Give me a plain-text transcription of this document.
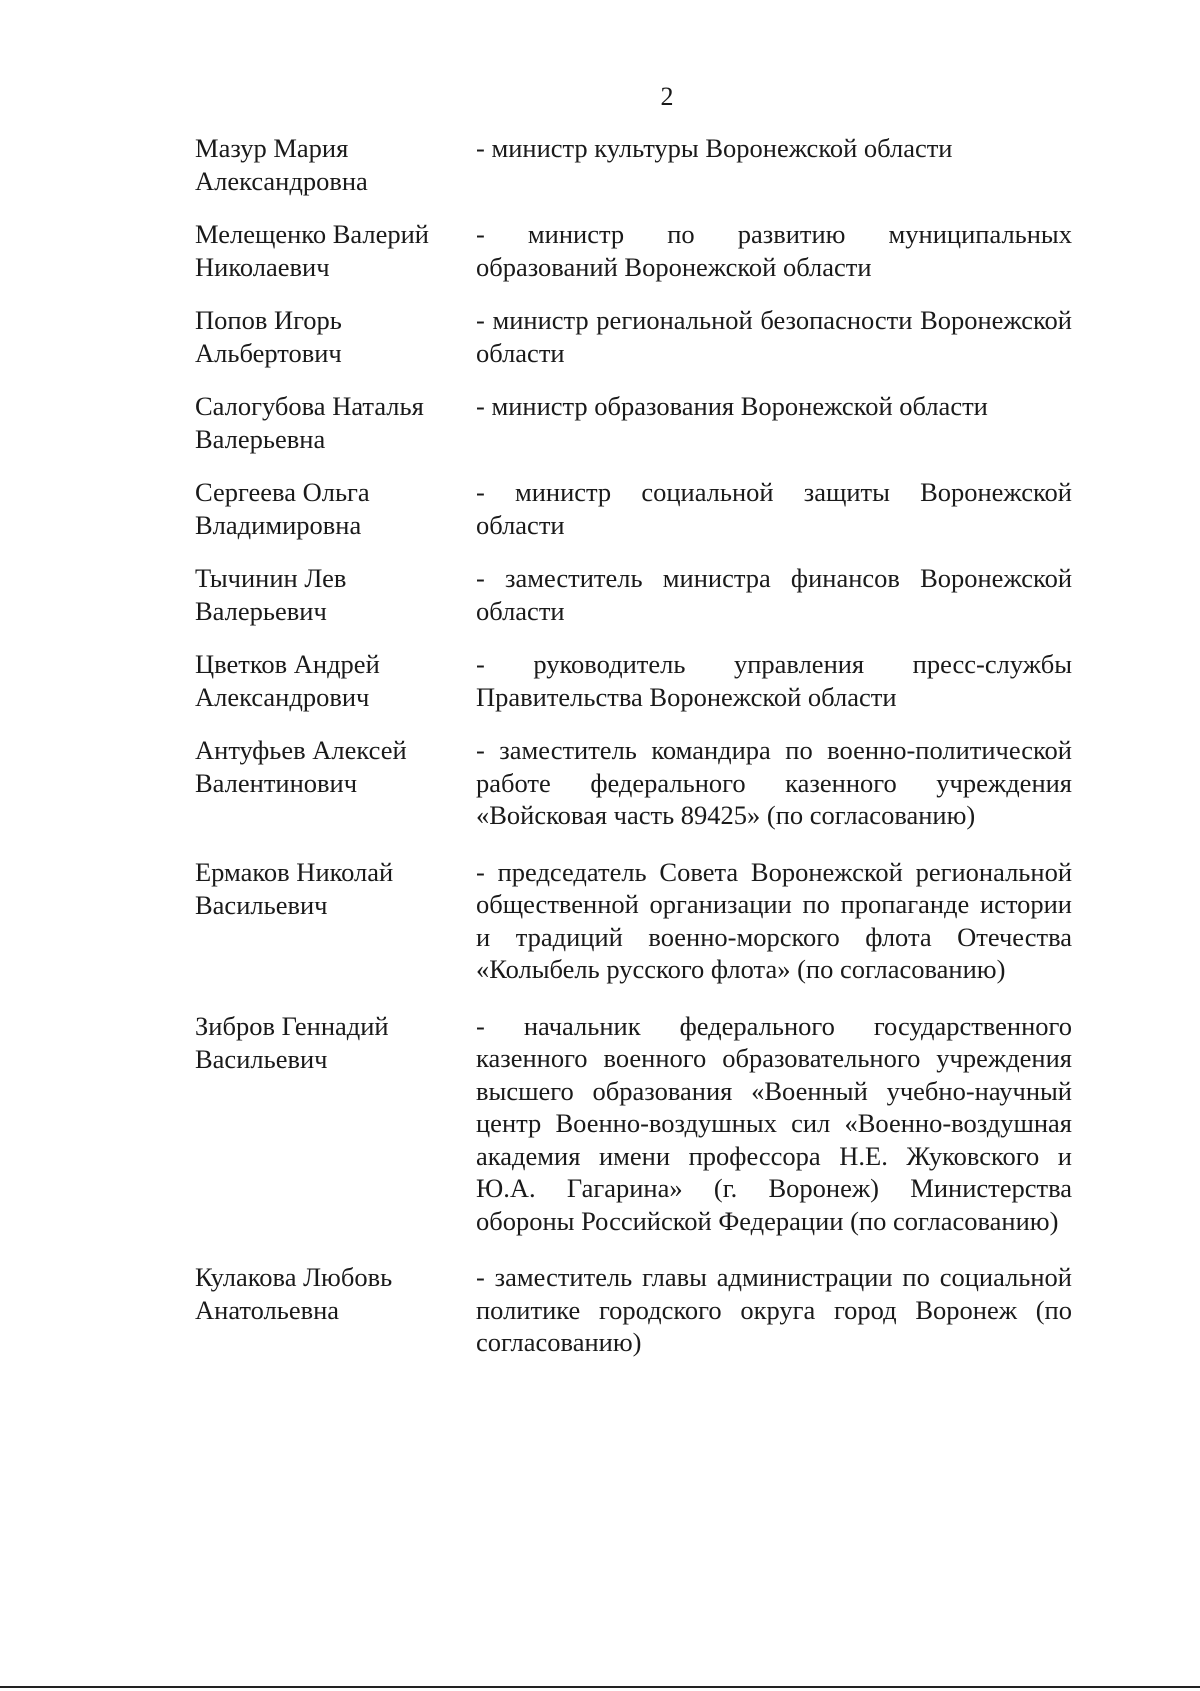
2
Мазур Мария
Александровна
- министр культуры Воронежской области
Мелещенко Валерий
Николаевич
- министр по развитию муниципальных образований Воронежской области
Попов Игорь
Альбертович
- министр региональной безопасности Воронежской области
Салогубова Наталья
Валерьевна
- министр образования Воронежской области
Сергеева Ольга
Владимировна
- министр социальной защиты Воронежской области
Тычинин Лев
Валерьевич
- заместитель министра финансов Воронежской области
Цветков Андрей
Александрович
- руководитель управления пресс-службы Правительства Воронежской области
Антуфьев Алексей
Валентинович
- заместитель командира по военно-политической работе федерального казенного учреждения «Войсковая часть 89425» (по согласованию)
Ермаков Николай
Васильевич
- председатель Совета Воронежской региональной общественной организации по пропаганде истории и традиций военно-морского флота Отечества «Колыбель русского флота» (по согласованию)
Зибров Геннадий
Васильевич
- начальник федерального государственного казенного военного образовательного учреждения высшего образования «Военный учебно-научный центр Военно-воздушных сил «Военно-воздушная академия имени профессора Н.Е. Жуковского и Ю.А. Гагарина» (г. Воронеж) Министерства обороны Российской Федерации (по согласованию)
Кулакова Любовь
Анатольевна
- заместитель главы администрации по социальной политике городского округа город Воронеж (по согласованию)
